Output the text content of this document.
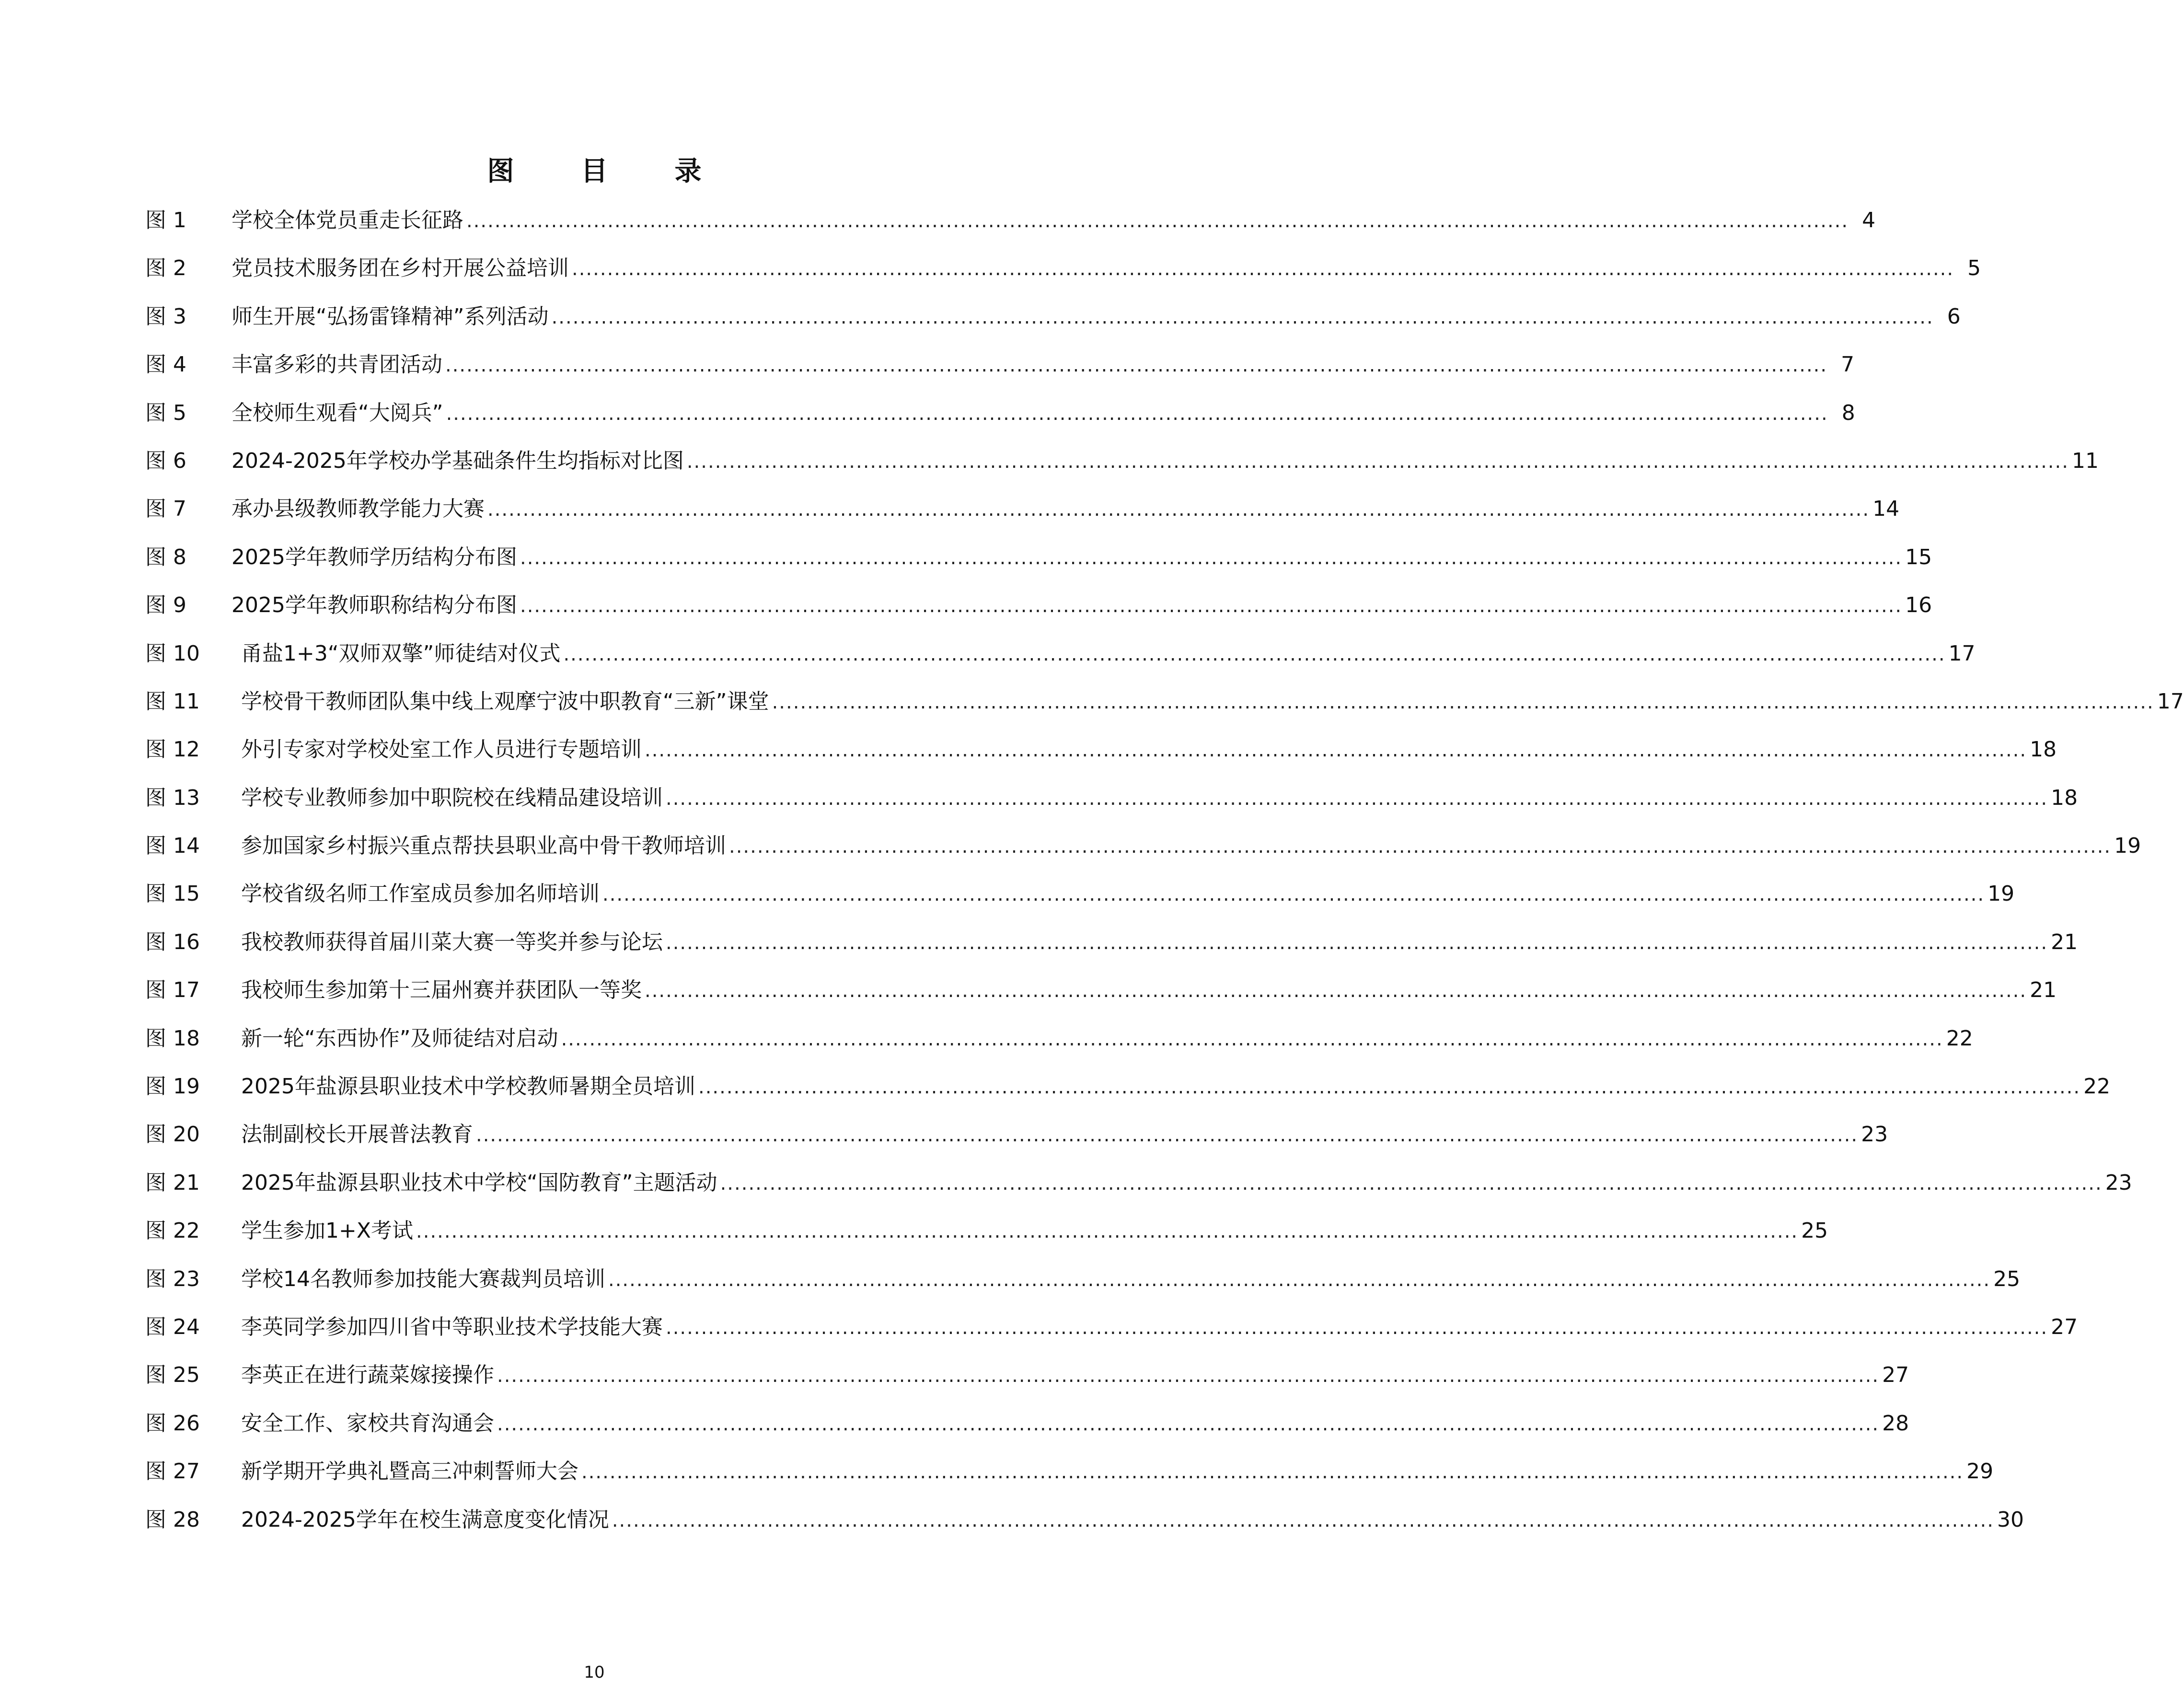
图 目 录
图 1	学校全体党员重走长征路 .....	4
图 2	党员技术服务团在乡村开展公益培训 .....	5
图 3	师生开展“弘扬雷锋精神”系列活动 .....	6
图 4	丰富多彩的共青团活动 .....	7
图 5	全校师生观看“大阅兵” .....	8
图 6	2024-2025年学校办学基础条件生均指标对比图 .....	11
图 7	承办县级教师教学能力大赛 .....	14
图 8	2025学年教师学历结构分布图 .....	15
图 9	2025学年教师职称结构分布图 .....	16
图 10	甬盐1+3“双师双擎”师徒结对仪式 .....	17
图 11	学校骨干教师团队集中线上观摩宁波中职教育“三新”课堂 .....	17
图 12	外引专家对学校处室工作人员进行专题培训 .....	18
图 13	学校专业教师参加中职院校在线精品建设培训 .....	18
图 14	参加国家乡村振兴重点帮扶县职业高中骨干教师培训 .....	19
图 15	学校省级名师工作室成员参加名师培训 .....	19
图 16	我校教师获得首届川菜大赛一等奖并参与论坛 .....	21
图 17	我校师生参加第十三届州赛并获团队一等奖 .....	21
图 18	新一轮“东西协作”及师徒结对启动 .....	22
图 19	2025年盐源县职业技术中学校教师暑期全员培训 .....	22
图 20	法制副校长开展普法教育 .....	23
图 21	2025年盐源县职业技术中学校“国防教育”主题活动 .....	23
图 22	学生参加1+X考试 .....	25
图 23	学校14名教师参加技能大赛裁判员培训 .....	25
图 24	李英同学参加四川省中等职业技术学技能大赛 .....	27
图 25	李英正在进行蔬菜嫁接操作 .....	27
图 26	安全工作、家校共育沟通会 .....	28
图 27	新学期开学典礼暨高三冲刺誓师大会 .....	29
图 28	2024-2025学年在校生满意度变化情况 .....	30
10
